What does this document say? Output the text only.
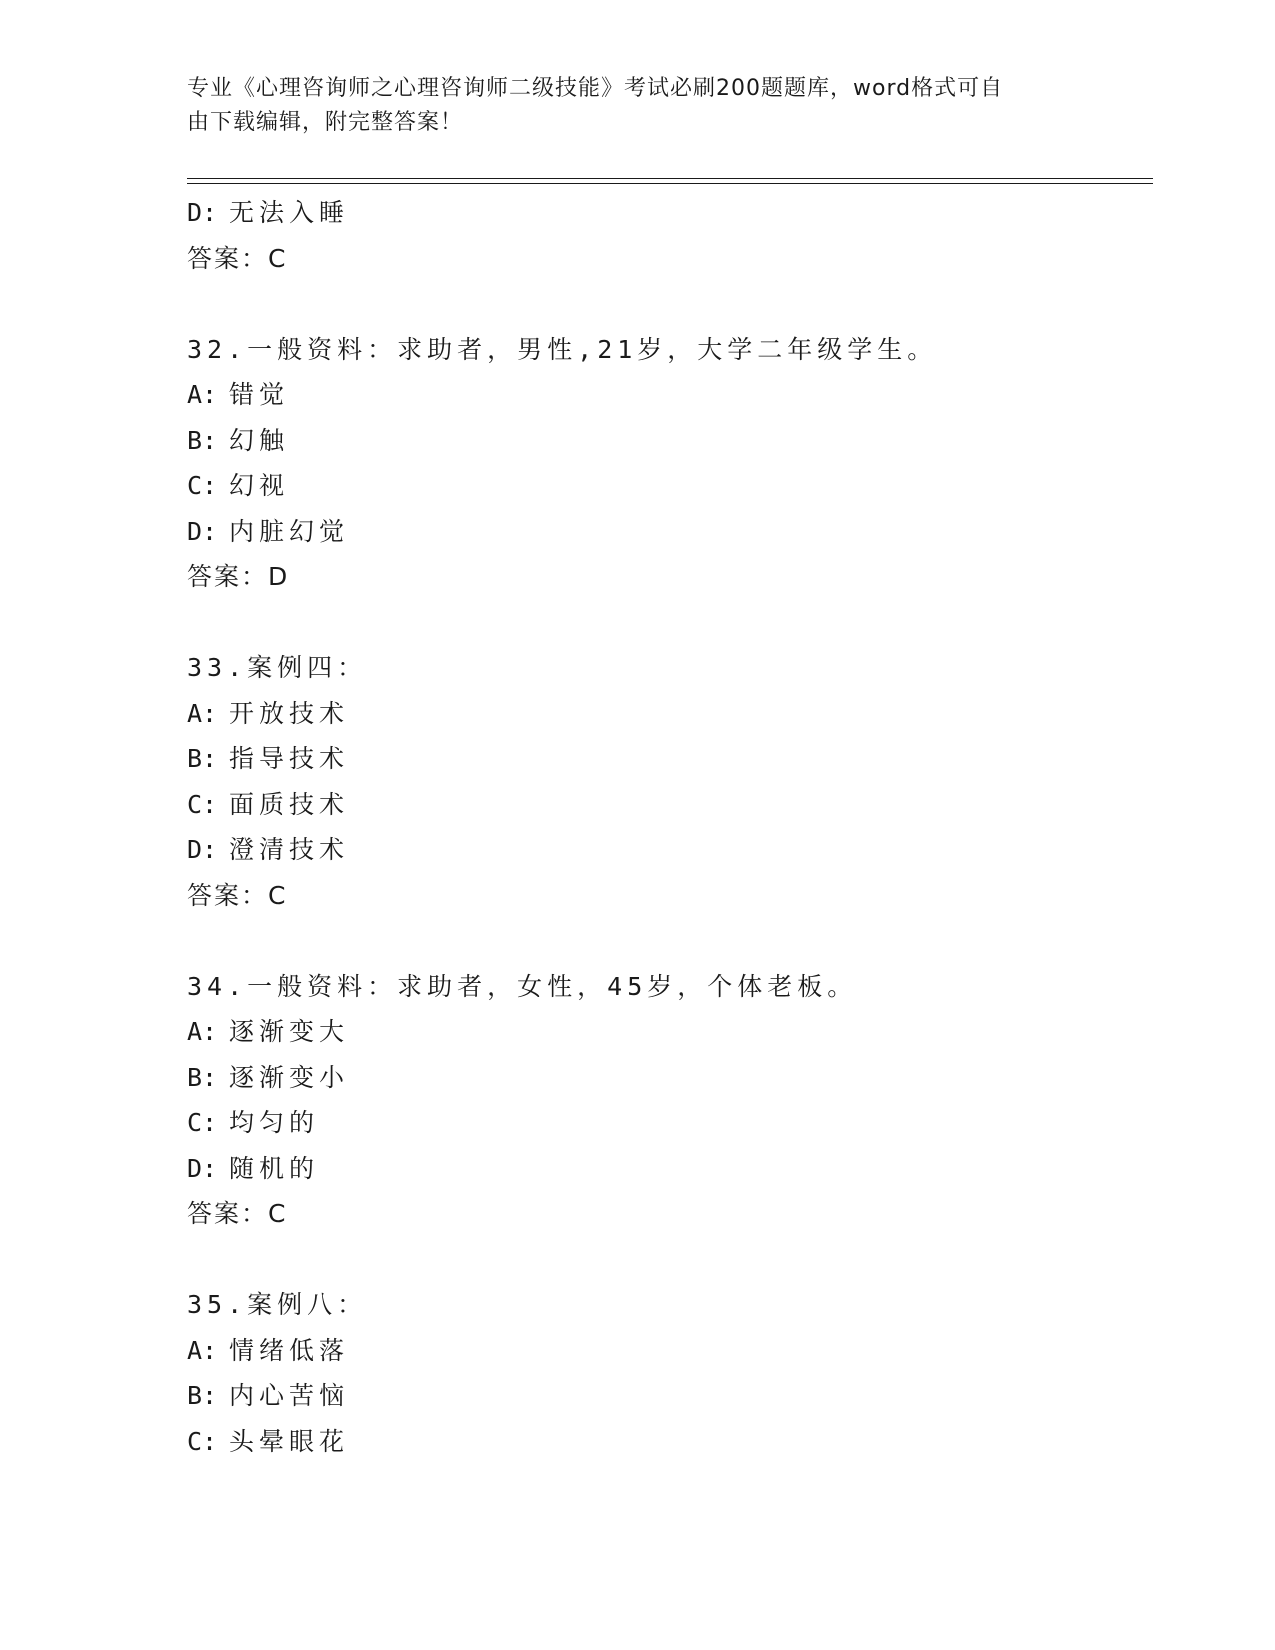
专业《心理咨询师之心理咨询师二级技能》考试必刷200题题库，word格式可自
由下载编辑，附完整答案！
D: 无法入睡
答案：C
32.一般资料：求助者，男性,21岁，大学二年级学生。
A: 错觉
B: 幻触
C: 幻视
D: 内脏幻觉
答案：D
33.案例四：
A: 开放技术
B: 指导技术
C: 面质技术
D: 澄清技术
答案：C
34.一般资料：求助者，女性，45岁，个体老板。
A: 逐渐变大
B: 逐渐变小
C: 均匀的
D: 随机的
答案：C
35.案例八：
A: 情绪低落
B: 内心苦恼
C: 头晕眼花
